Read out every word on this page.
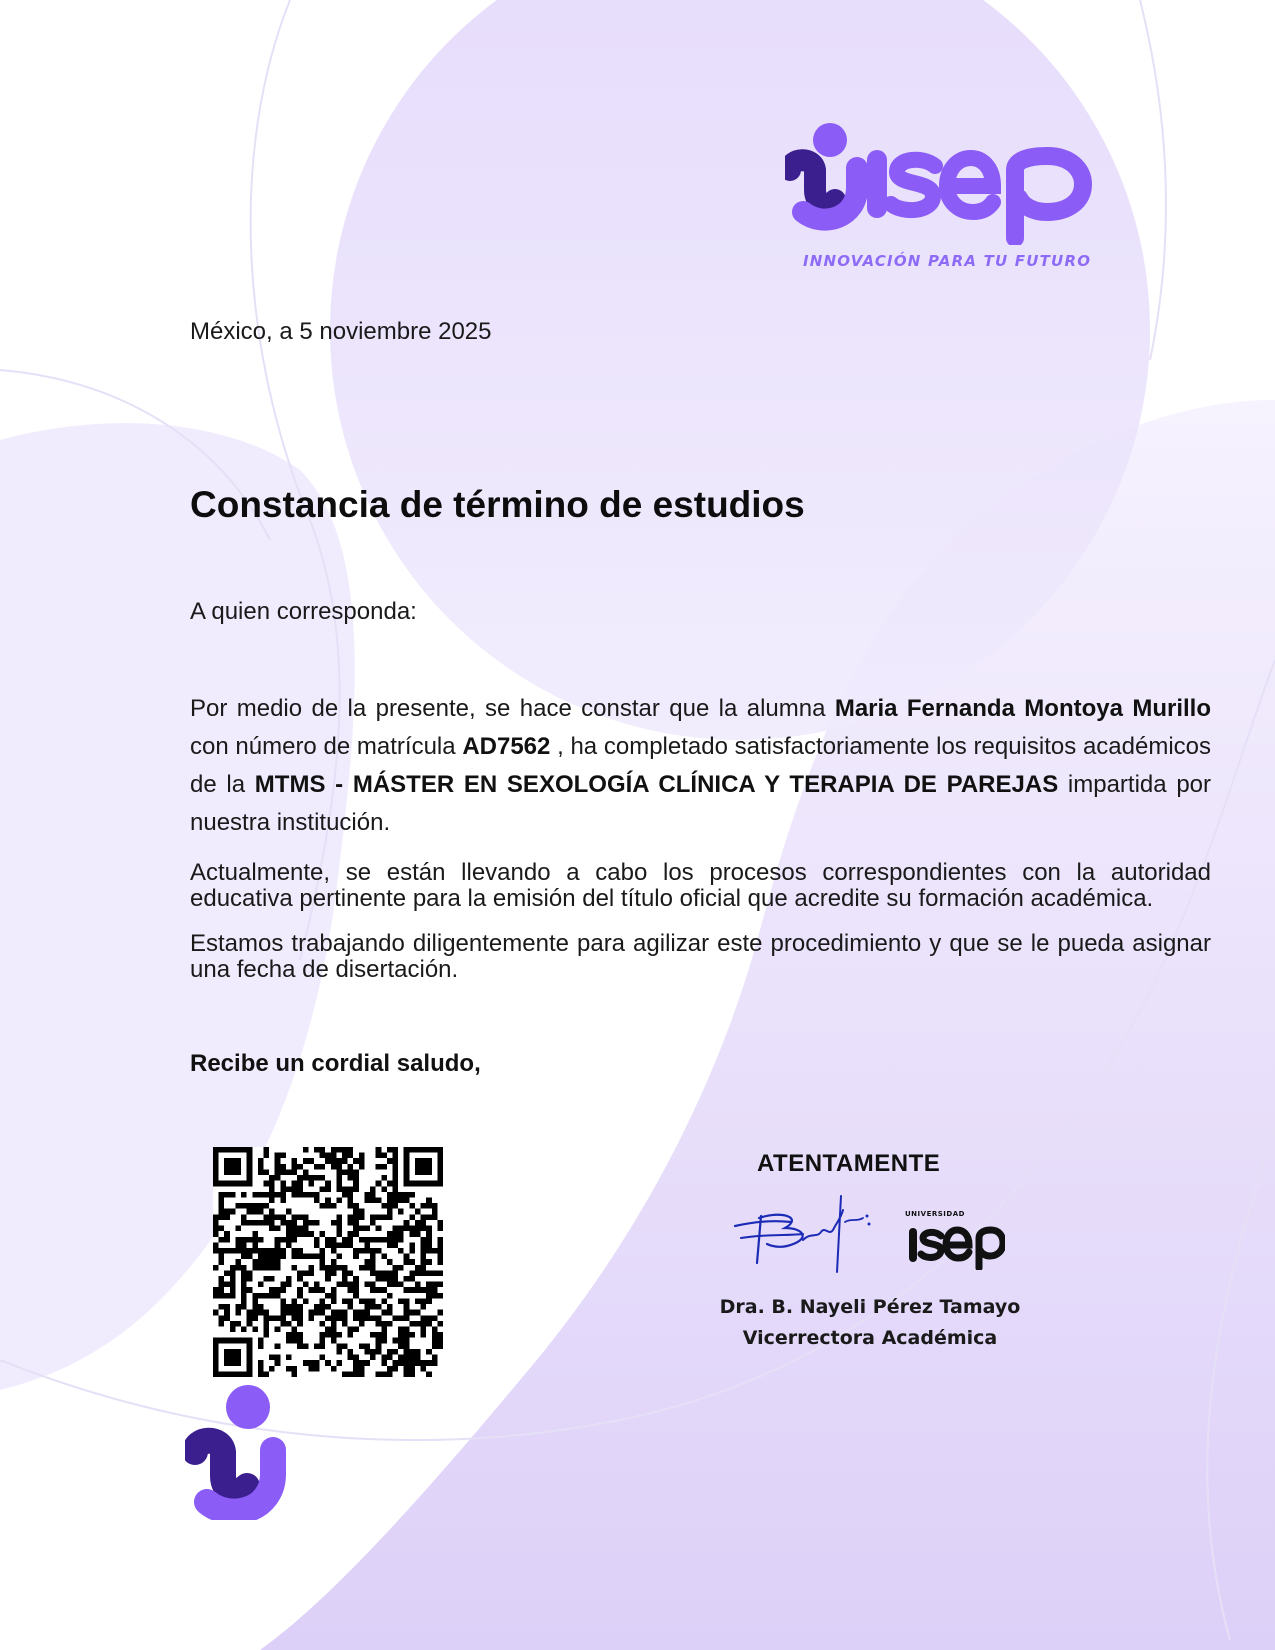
INNOVACIÓN PARA TU FUTURO
México, a 5 noviembre 2025
Constancia de término de estudios
A quien corresponda:

Por medio de la presente, se hace constar que la alumna Maria Fernanda Montoya Murillo con número de matrícula AD7562 , ha completado satisfactoriamente los requisitos académicos de la MTMS - MÁSTER EN SEXOLOGÍA CLÍNICA Y TERAPIA DE PAREJAS impartida por nuestra institución.

Actualmente, se están llevando a cabo los procesos correspondientes con la autoridad educativa pertinente para la emisión del título oficial que acredite su formación académica.

Estamos trabajando diligentemente para agilizar este procedimiento y que se le pueda asignar una fecha de disertación.

Recibe un cordial saludo,
ATENTAMENTE
UNIVERSIDAD
Dra. B. Nayeli Pérez Tamayo
Vicerrectora Académica
